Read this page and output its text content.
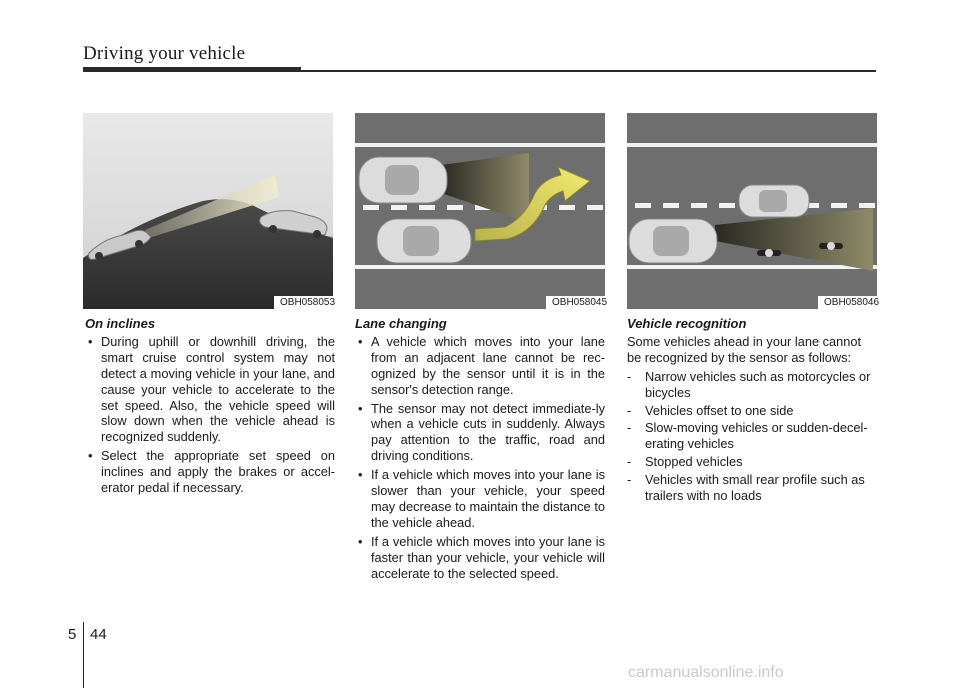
Driving your vehicle
OBH058053	OBH058045	OBH058046
On inclines
• During uphill or downhill driving, the smart cruise control system may not detect a moving vehicle in your lane, and cause your vehicle to accelerate to the set speed. Also, the vehicle speed will slow down when the vehicle ahead is recognized suddenly.
• Select the appropriate set speed on inclines and apply the brakes or accel-erator pedal if necessary.
Lane changing
• A vehicle which moves into your lane from an adjacent lane cannot be rec-ognized by the sensor until it is in the sensor's detection range.
• The sensor may not detect immediate-ly when a vehicle cuts in suddenly. Always pay attention to the traffic, road and driving conditions.
• If a vehicle which moves into your lane is slower than your vehicle, your speed may decrease to maintain the distance to the vehicle ahead.
• If a vehicle which moves into your lane is faster than your vehicle, your vehicle will accelerate to the selected speed.
Vehicle recognition

Some vehicles ahead in your lane cannot be recognized by the sensor as follows:

- Narrow vehicles such as motorcycles or bicycles
- Vehicles offset to one side
- Slow-moving vehicles or sudden-decel-erating vehicles
- Stopped vehicles
- Vehicles with small rear profile such as trailers with no loads
5 44
carmanualsonline.info
